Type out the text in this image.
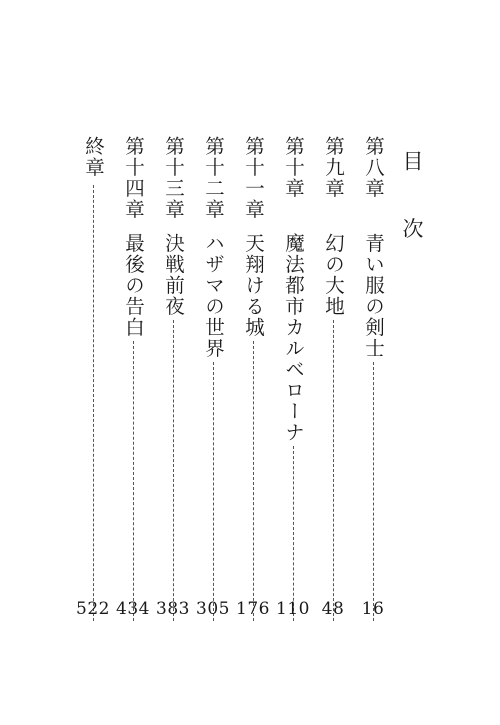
目 次
第八章
青い服の剣士
16
第九章
幻の大地
48
第十章
魔法都市カルベローナ
110
第十一章
天翔ける城
176
第十二章
ハザマの世界
305
第十三章
決戦前夜
383
第十四章
最後の告白
434
終章
522
